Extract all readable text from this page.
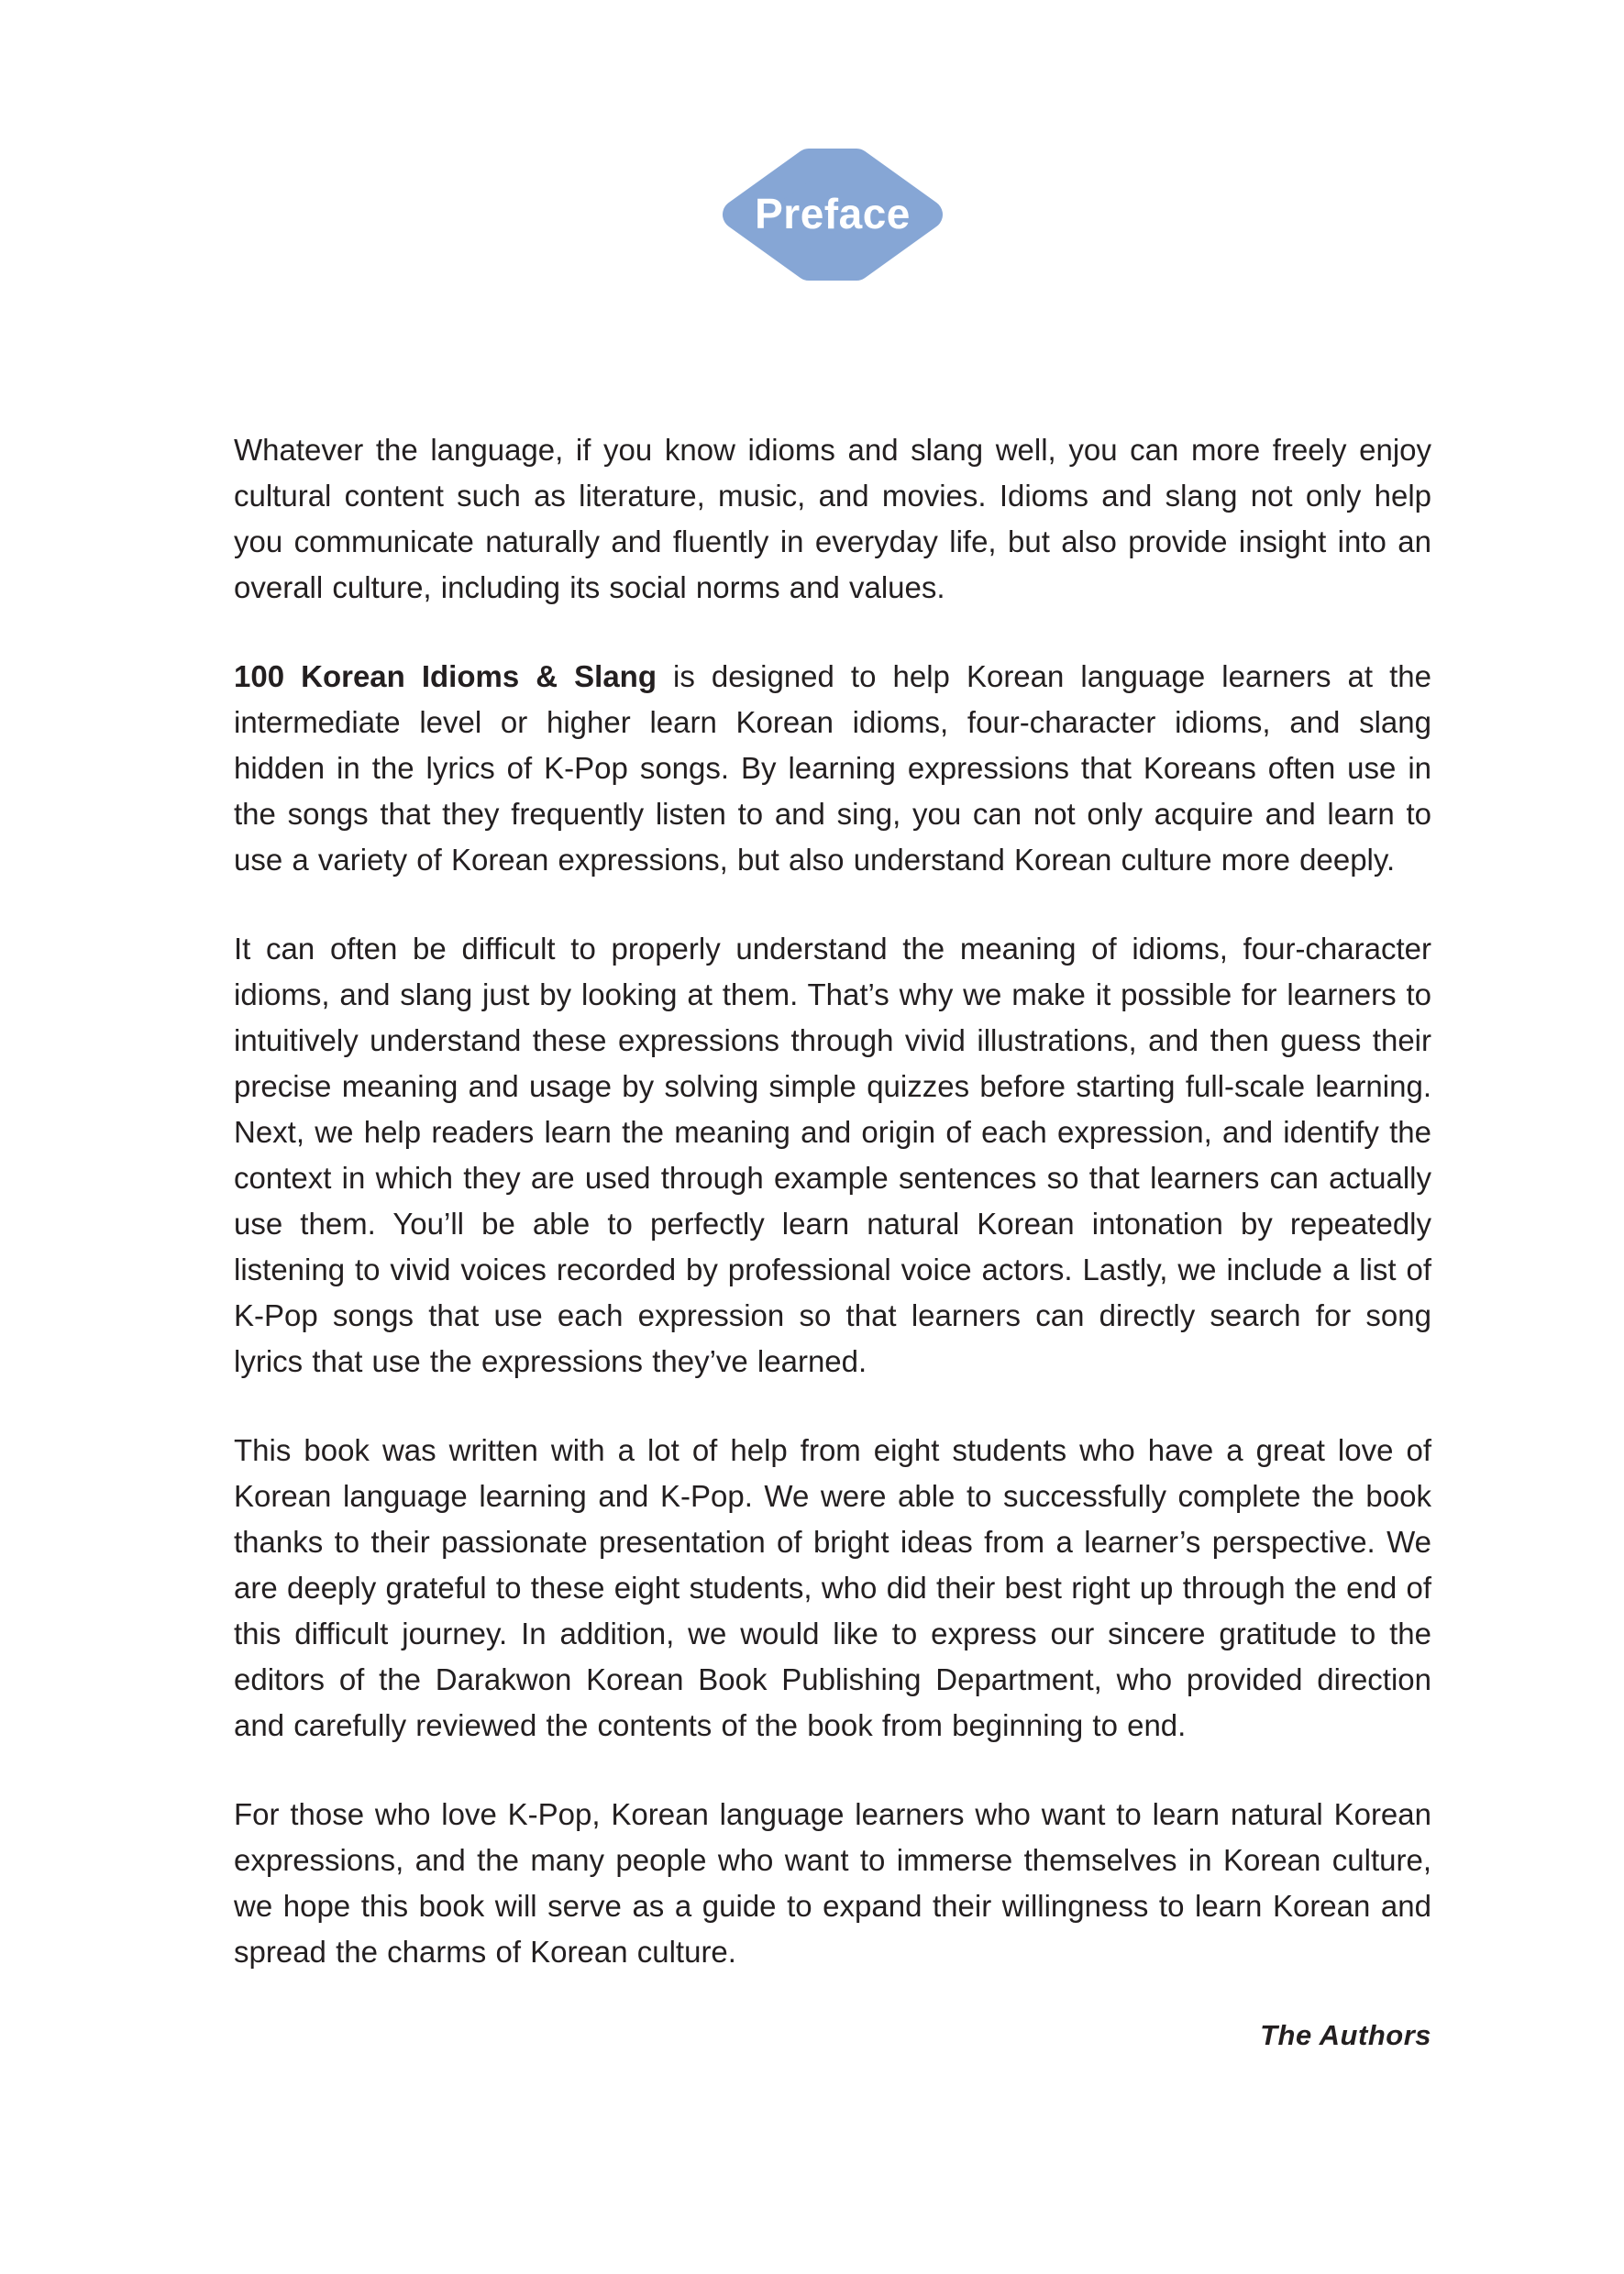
Preface

Whatever the language, if you know idioms and slang well, you can more freely enjoy cultural content such as literature, music, and movies. Idioms and slang not only help you communicate naturally and fluently in everyday life, but also provide insight into an overall culture, including its social norms and values.

100 Korean Idioms & Slang is designed to help Korean language learners at the intermediate level or higher learn Korean idioms, four-character idioms, and slang hidden in the lyrics of K-Pop songs. By learning expressions that Koreans often use in the songs that they frequently listen to and sing, you can not only acquire and learn to use a variety of Korean expressions, but also understand Korean culture more deeply.

It can often be difficult to properly understand the meaning of idioms, four-character idioms, and slang just by looking at them. That’s why we make it possible for learners to intuitively understand these expressions through vivid illustrations, and then guess their precise meaning and usage by solving simple quizzes before starting full-scale learning. Next, we help readers learn the meaning and origin of each expression, and identify the context in which they are used through example sentences so that learners can actually use them. You’ll be able to perfectly learn natural Korean intonation by repeatedly listening to vivid voices recorded by professional voice actors. Lastly, we include a list of K-Pop songs that use each expression so that learners can directly search for song lyrics that use the expressions they’ve learned.

This book was written with a lot of help from eight students who have a great love of Korean language learning and K-Pop. We were able to successfully complete the book thanks to their passionate presentation of bright ideas from a learner’s perspective. We are deeply grateful to these eight students, who did their best right up through the end of this difficult journey. In addition, we would like to express our sincere gratitude to the editors of the Darakwon Korean Book Publishing Department, who provided direction and carefully reviewed the contents of the book from beginning to end.

For those who love K-Pop, Korean language learners who want to learn natural Korean expressions, and the many people who want to immerse themselves in Korean culture, we hope this book will serve as a guide to expand their willingness to learn Korean and spread the charms of Korean culture.

The Authors
